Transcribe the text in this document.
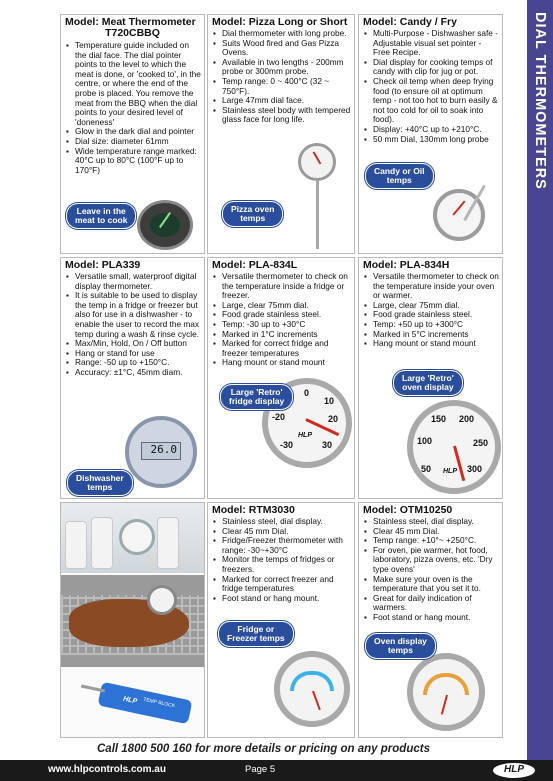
DIAL THERMOMETERS
Model: Meat Thermometer
T720CBBQ
▪ Temperature guide included on the dial face. The dial pointer points to the level to which the meat is done, or 'cooked to', in the centre, or where the end of the probe is placed. You remove the meat from the BBQ when the dial points to your desired level of 'doneness'
▪ Glow in the dark dial and pointer
▪ Dial size: diameter 61mm
▪ Wide temperature range marked: 40°C up to 80°C (100°F up to 170°F)
Leave in the
meat to cook
Model: Pizza Long or Short
▪ Dial thermometer with long probe.
▪ Suits Wood fired and Gas Pizza Ovens.
▪ Available in two lengths - 200mm probe or 300mm probe.
▪ Temp range: 0 ~ 400°C (32 ~ 750°F).
▪ Large 47mm dial face.
▪ Stainless steel body with tempered glass face for long life.
Pizza oven
temps
Model: Candy / Fry
▪ Multi-Purpose - Dishwasher safe - Adjustable visual set pointer - Free Recipe.
▪ Dial display for cooking temps of candy with clip for jug or pot.
▪ Check oil temp when deep frying food (to ensure oil at optimum temp - not too hot to burn easily & not too cold for oil to soak into food).
▪ Display: +40°C up to +210°C.
▪ 50 mm Dial, 130mm long probe
Candy or Oil
temps
Model: PLA339
▪ Versatile small, waterproof digital display thermometer.
▪ It is suitable to be used to display the temp in a fridge or freezer but also for use in a dishwasher - to enable the user to record the max temp during a wash & rinse cycle.
▪ Max/Min, Hold, On / Off button
▪ Hang or stand for use
▪ Range: -50 up to +150°C.
▪ Accuracy: ±1°C, 45mm diam.
26.0
Dishwasher
temps
Model: PLA-834L
▪ Versatile thermometer to check on the temperature inside a fridge or freezer.
▪ Large, clear 75mm dial.
▪ Food grade stainless steel.
▪ Temp: -30 up to +30°C
▪ Marked in 1°C increments
▪ Marked for correct fridge and freezer temperatures
▪ Hang mount or stand mount
-20
0
10
20
-30	30
HLP
Large 'Retro'
fridge display
Model: PLA-834H
▪ Versatile thermometer to check on the temperature inside your oven or warmer.
▪ Large, clear 75mm dial.
▪ Food grade stainless steel.
▪ Temp: +50 up to +300°C
▪ Marked in 5°C increments
▪ Hang mount or stand mount
100
150 200
250
50	300
HLP
Large 'Retro'
oven display
HLP TEMP BLOCK
Model: RTM3030
▪ Stainless steel, dial display.
▪ Clear 45 mm Dial.
▪ Fridge/Freezer thermometer with range: -30~+30°C
▪ Monitor the temps of fridges or freezers.
▪ Marked for correct freezer and fridge temperatures
▪ Foot stand or hang mount.
Fridge or
Freezer temps
Model: OTM10250
▪ Stainless steel, dial display.
▪ Clear 45 mm Dial.
▪ Temp range: +10°~ +250°C.
▪ For oven, pie warmer, hot food, laboratory, pizza ovens, etc. 'Dry type ovens'
▪ Make sure your oven is the temperature that you set it to.
▪ Great for daily indication of warmers.
▪ Foot stand or hang mount.
Oven display
temps
Call 1800 500 160 for more details or pricing on any products
www.hlpcontrols.com.au	Page 5	HLP
